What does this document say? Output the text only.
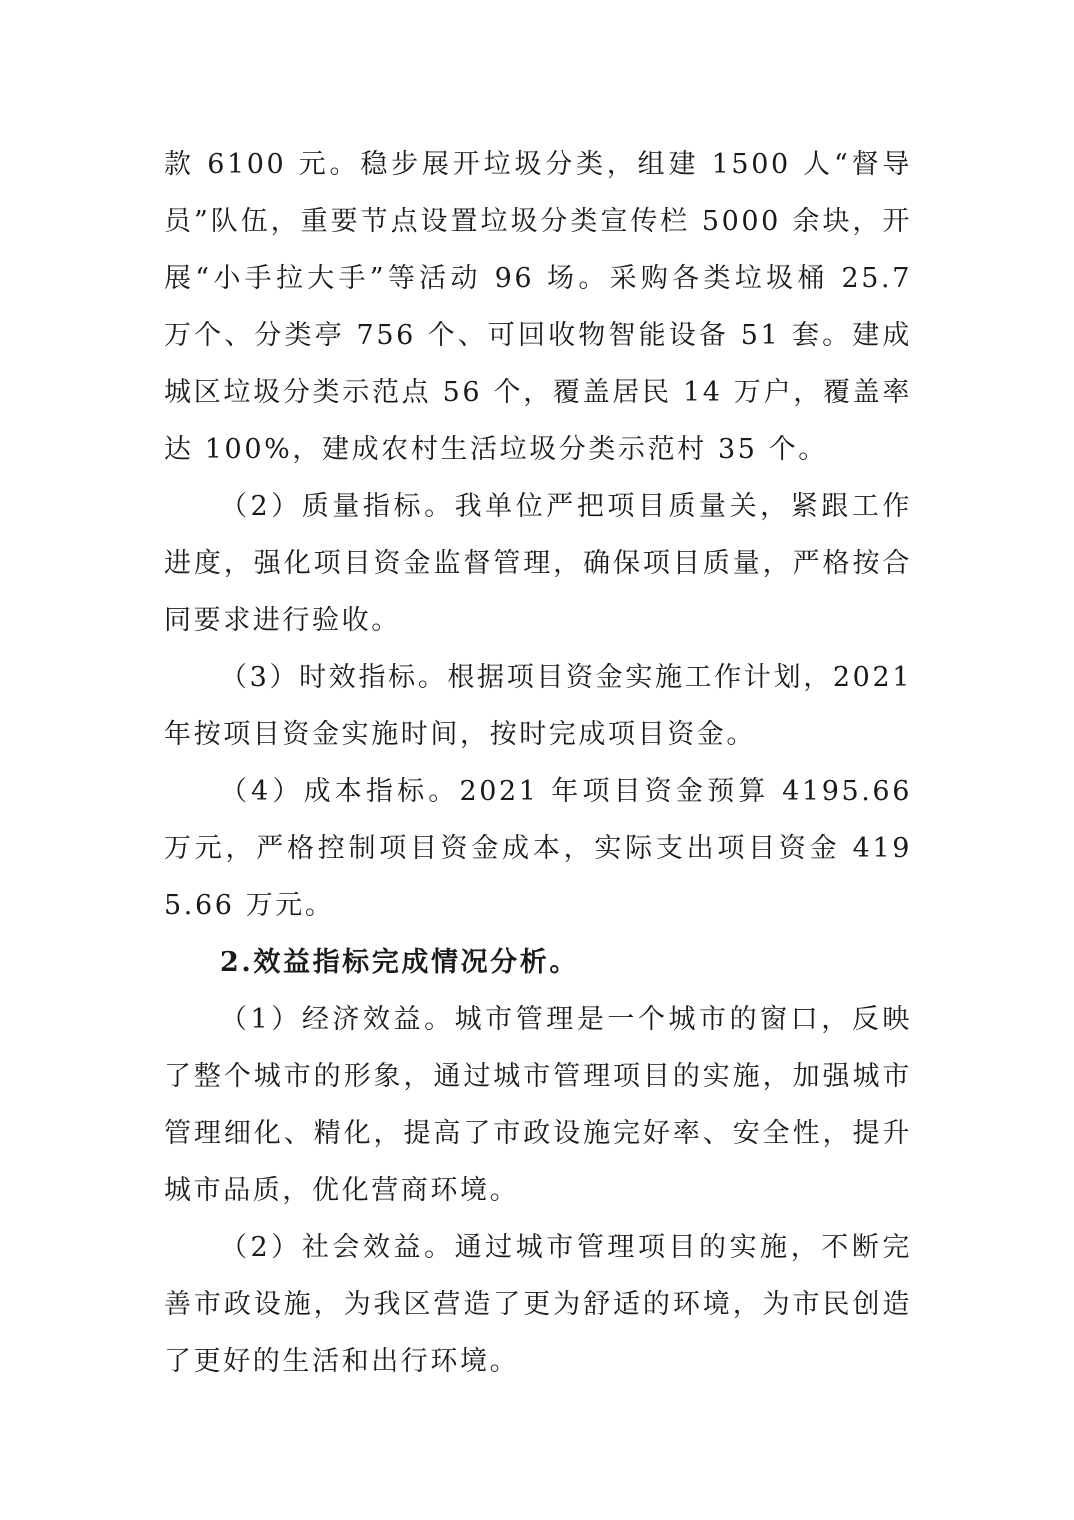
款 6100 元。稳步展开垃圾分类，组建 1500 人“督导员”队伍，重要节点设置垃圾分类宣传栏 5000 余块，开展“小手拉大手”等活动 96 场。采购各类垃圾桶 25.7 万个、分类亭 756 个、可回收物智能设备 51 套。建成城区垃圾分类示范点 56 个，覆盖居民 14 万户，覆盖率达 100%，建成农村生活垃圾分类示范村 35 个。

（2）质量指标。我单位严把项目质量关，紧跟工作进度，强化项目资金监督管理，确保项目质量，严格按合同要求进行验收。

（3）时效指标。根据项目资金实施工作计划，2021 年按项目资金实施时间，按时完成项目资金。

（4）成本指标。2021 年项目资金预算 4195.66 万元，严格控制项目资金成本，实际支出项目资金 4195.66 万元。

2.效益指标完成情况分析。

（1）经济效益。城市管理是一个城市的窗口，反映了整个城市的形象，通过城市管理项目的实施，加强城市管理细化、精化，提高了市政设施完好率、安全性，提升城市品质，优化营商环境。

（2）社会效益。通过城市管理项目的实施，不断完善市政设施，为我区营造了更为舒适的环境，为市民创造了更好的生活和出行环境。
